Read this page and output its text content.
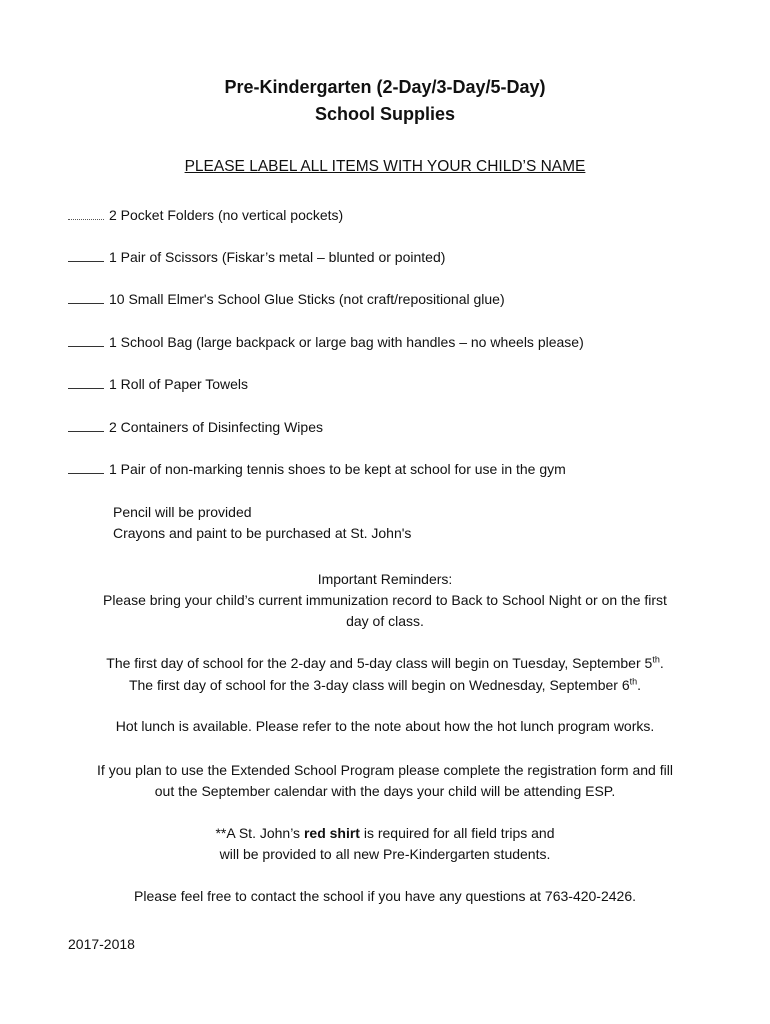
Pre-Kindergarten (2-Day/3-Day/5-Day)
School Supplies
PLEASE LABEL ALL ITEMS WITH YOUR CHILD’S NAME
2 Pocket Folders (no vertical pockets)
1 Pair of Scissors (Fiskar’s metal – blunted or pointed)
10 Small Elmer's School Glue Sticks (not craft/repositional glue)
1 School Bag (large backpack or large bag with handles – no wheels please)
1 Roll of Paper Towels
2 Containers of Disinfecting Wipes
1 Pair of non-marking tennis shoes to be kept at school for use in the gym
Pencil will be provided
Crayons and paint to be purchased at St. John's
Important Reminders:
Please bring your child’s current immunization record to Back to School Night or on the first
day of class.
The first day of school for the 2-day and 5-day class will begin on Tuesday, September 5th.
The first day of school for the 3-day class will begin on Wednesday, September 6th.
Hot lunch is available. Please refer to the note about how the hot lunch program works.
If you plan to use the Extended School Program please complete the registration form and fill
out the September calendar with the days your child will be attending ESP.
**A St. John’s red shirt is required for all field trips and
will be provided to all new Pre-Kindergarten students.
Please feel free to contact the school if you have any questions at 763-420-2426.
2017-2018
